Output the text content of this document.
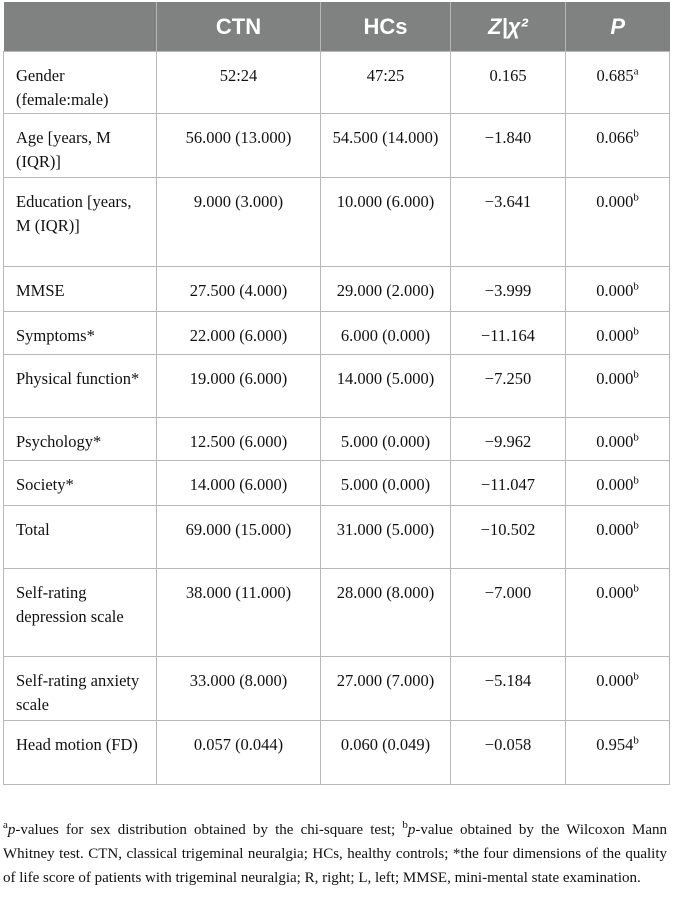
	CTN	HCs	Z|χ²	P
Gender (female:male)	52:24	47:25	0.165	0.685$^a$
Age [years, M (IQR)]	56.000 (13.000)	54.500 (14.000)	−1.840	0.066$^b$
Education [years, M (IQR)]	9.000 (3.000)	10.000 (6.000)	−3.641	0.000$^b$
MMSE	27.500 (4.000)	29.000 (2.000)	−3.999	0.000$^b$
Symptoms*	22.000 (6.000)	6.000 (0.000)	−11.164	0.000$^b$
Physical function*	19.000 (6.000)	14.000 (5.000)	−7.250	0.000$^b$
Psychology*	12.500 (6.000)	5.000 (0.000)	−9.962	0.000$^b$
Society*	14.000 (6.000)	5.000 (0.000)	−11.047	0.000$^b$
Total	69.000 (15.000)	31.000 (5.000)	−10.502	0.000$^b$
Self-rating depression scale	38.000 (11.000)	28.000 (8.000)	−7.000	0.000$^b$
Self-rating anxiety scale	33.000 (8.000)	27.000 (7.000)	−5.184	0.000$^b$
Head motion (FD)	0.057 (0.044)	0.060 (0.049)	−0.058	0.954$^b$
$^a$p-values for sex distribution obtained by the chi-square test; $^b$p-value obtained by the Wilcoxon Mann Whitney test. CTN, classical trigeminal neuralgia; HCs, healthy controls; *the four dimensions of the quality of life score of patients with trigeminal neuralgia; R, right; L, left; MMSE, mini-mental state examination.
